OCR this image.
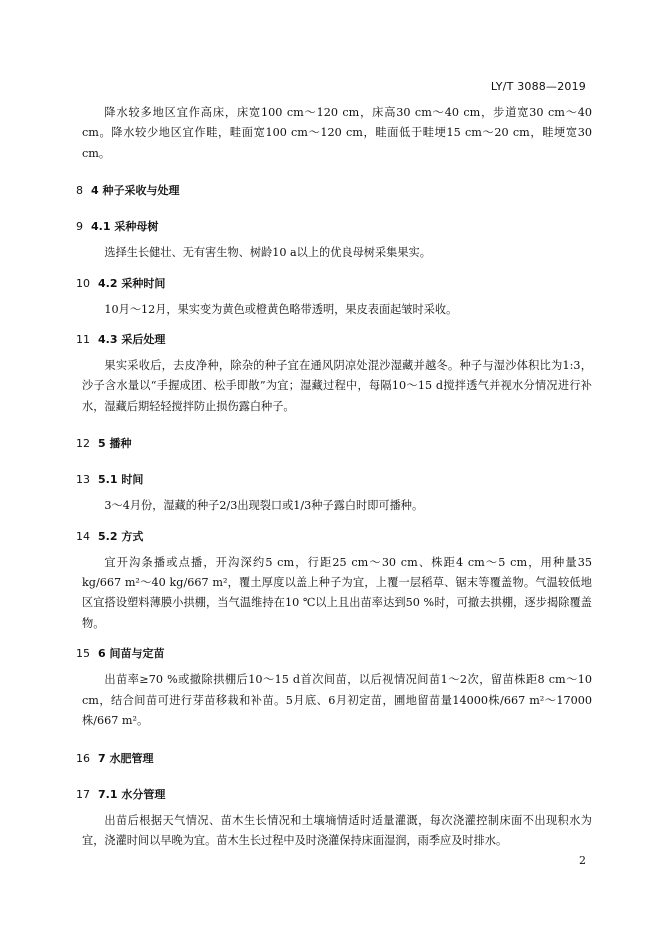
LY/T 3088—2019

降水较多地区宜作高床，床宽100 cm～120 cm，床高30 cm～40 cm，步道宽30 cm～40 cm。降水较少地区宜作畦，畦面宽100 cm～120 cm，畦面低于畦埂15 cm～20 cm，畦埂宽30 cm。

8 4 种子采收与处理
9 4.1 采种母树

选择生长健壮、无有害生物、树龄10 a以上的优良母树采集果实。

10 4.2 采种时间

10月～12月，果实变为黄色或橙黄色略带透明，果皮表面起皱时采收。

11 4.3 采后处理

果实采收后，去皮净种，除杂的种子宜在通风阴凉处混沙湿藏并越冬。种子与湿沙体积比为1:3，沙子含水量以“手握成团、松手即散”为宜；湿藏过程中，每隔10～15 d搅拌透气并视水分情况进行补水，湿藏后期轻轻搅拌防止损伤露白种子。

12 5 播种
13 5.1 时间

3～4月份，湿藏的种子2/3出现裂口或1/3种子露白时即可播种。

14 5.2 方式

宜开沟条播或点播，开沟深约5 cm，行距25 cm～30 cm、株距4 cm～5 cm，用种量35 kg/667 m²～40 kg/667 m²，覆土厚度以盖上种子为宜，上覆一层稻草、锯末等覆盖物。气温较低地区宜搭设塑料薄膜小拱棚，当气温维持在10 ℃以上且出苗率达到50 %时，可撤去拱棚，逐步揭除覆盖物。

15 6 间苗与定苗

出苗率≥70 %或撤除拱棚后10～15 d首次间苗，以后视情况间苗1～2次，留苗株距8 cm～10 cm，结合间苗可进行芽苗移栽和补苗。5月底、6月初定苗，圃地留苗量14000株/667 m²～17000 株/667 m²。

16 7 水肥管理
17 7.1 水分管理

出苗后根据天气情况、苗木生长情况和土壤墒情适时适量灌溉，每次浇灌控制床面不出现积水为宜，浇灌时间以早晚为宜。苗木生长过程中及时浇灌保持床面湿润，雨季应及时排水。

2
